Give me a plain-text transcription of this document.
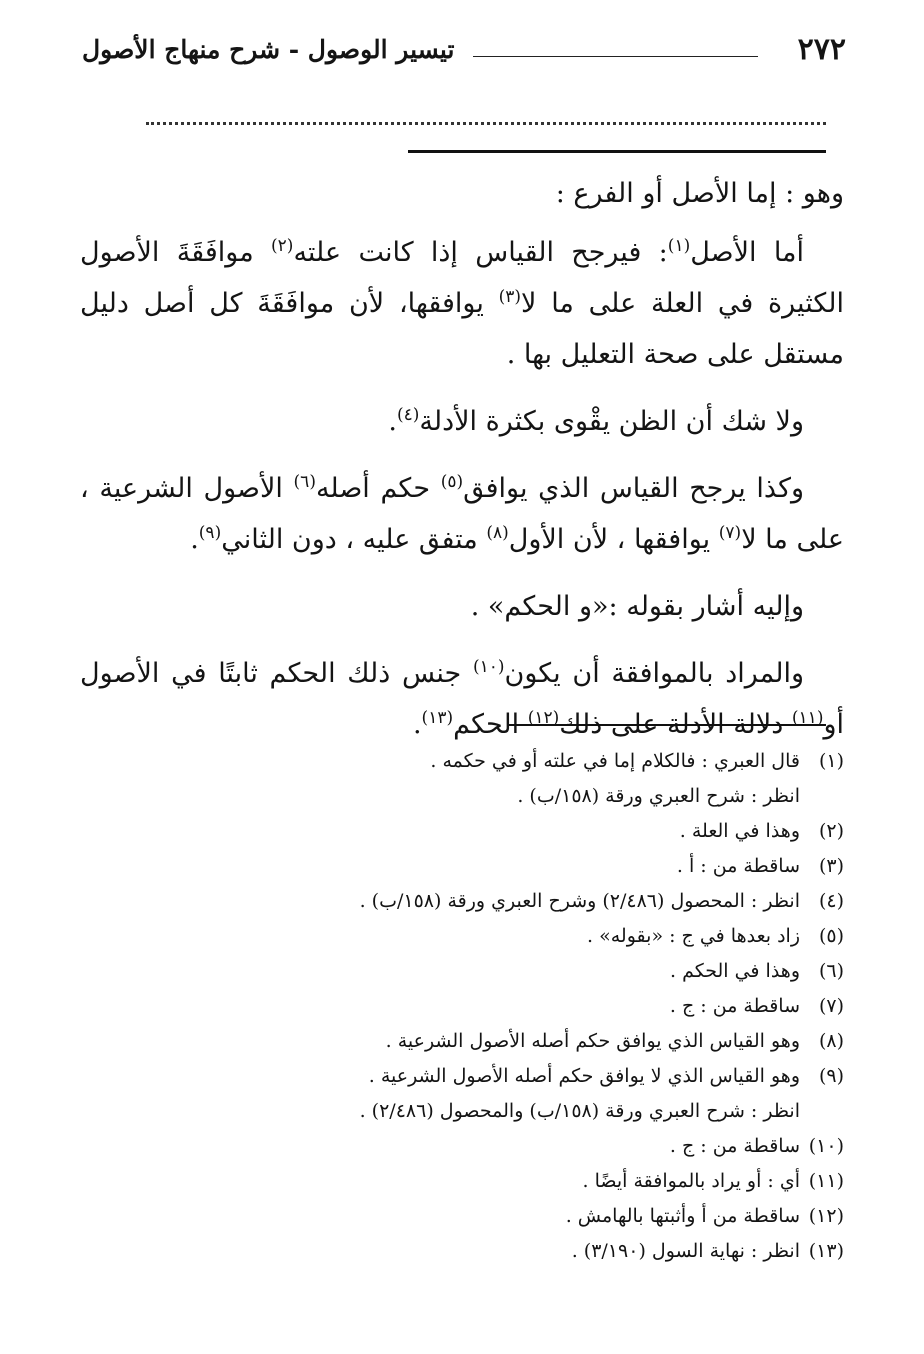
٢٧٢
تيسير الوصول - شرح منهاج الأصول

وهو : إما الأصل أو الفرع :

أما الأصل$^{(١)}$: فيرجح القياس إذا كانت علته$^{(٢)}$ موافَقَةَ الأصول الكثيرة في العلة على ما لا$^{(٣)}$ يوافقها، لأن موافَقَةَ كل أصل دليل مستقل على صحة التعليل بها .

ولا شك أن الظن يقْوى بكثرة الأدلة$^{(٤)}$.

وكذا يرجح القياس الذي يوافق$^{(٥)}$ حكم أصله$^{(٦)}$ الأصول الشرعية ، على ما لا$^{(٧)}$ يوافقها ، لأن الأول$^{(٨)}$ متفق عليه ، دون الثاني$^{(٩)}$.

وإليه أشار بقوله :«و الحكم» .

والمراد بالموافقة أن يكون$^{(١٠)}$ جنس ذلك الحكم ثابتًا في الأصول أو$^{(١١)}$ دلالة الأدلة على ذلك$^{(١٢)}$ الحكم$^{(١٣)}$.

(١)
قال العبري : فالكلام إما في علته أو في حكمه .
انظر : شرح العبري ورقة (١٥٨/ب) .
(٢)
وهذا في العلة .
(٣)
ساقطة من : أ .
(٤)
انظر : المحصول (٢/٤٨٦) وشرح العبري ورقة (١٥٨/ب) .
(٥)
زاد بعدها في ج : «بقوله» .
(٦)
وهذا في الحكم .
(٧)
ساقطة من : ج .
(٨)
وهو القياس الذي يوافق حكم أصله الأصول الشرعية .
(٩)
وهو القياس الذي لا يوافق حكم أصله الأصول الشرعية .
انظر : شرح العبري ورقة (١٥٨/ب) والمحصول (٢/٤٨٦) .
(١٠)
ساقطة من : ج .
(١١)
أي : أو يراد بالموافقة أيضًا .
(١٢)
ساقطة من أ وأثبتها بالهامش .
(١٣)
انظر : نهاية السول (٣/١٩٠) .
